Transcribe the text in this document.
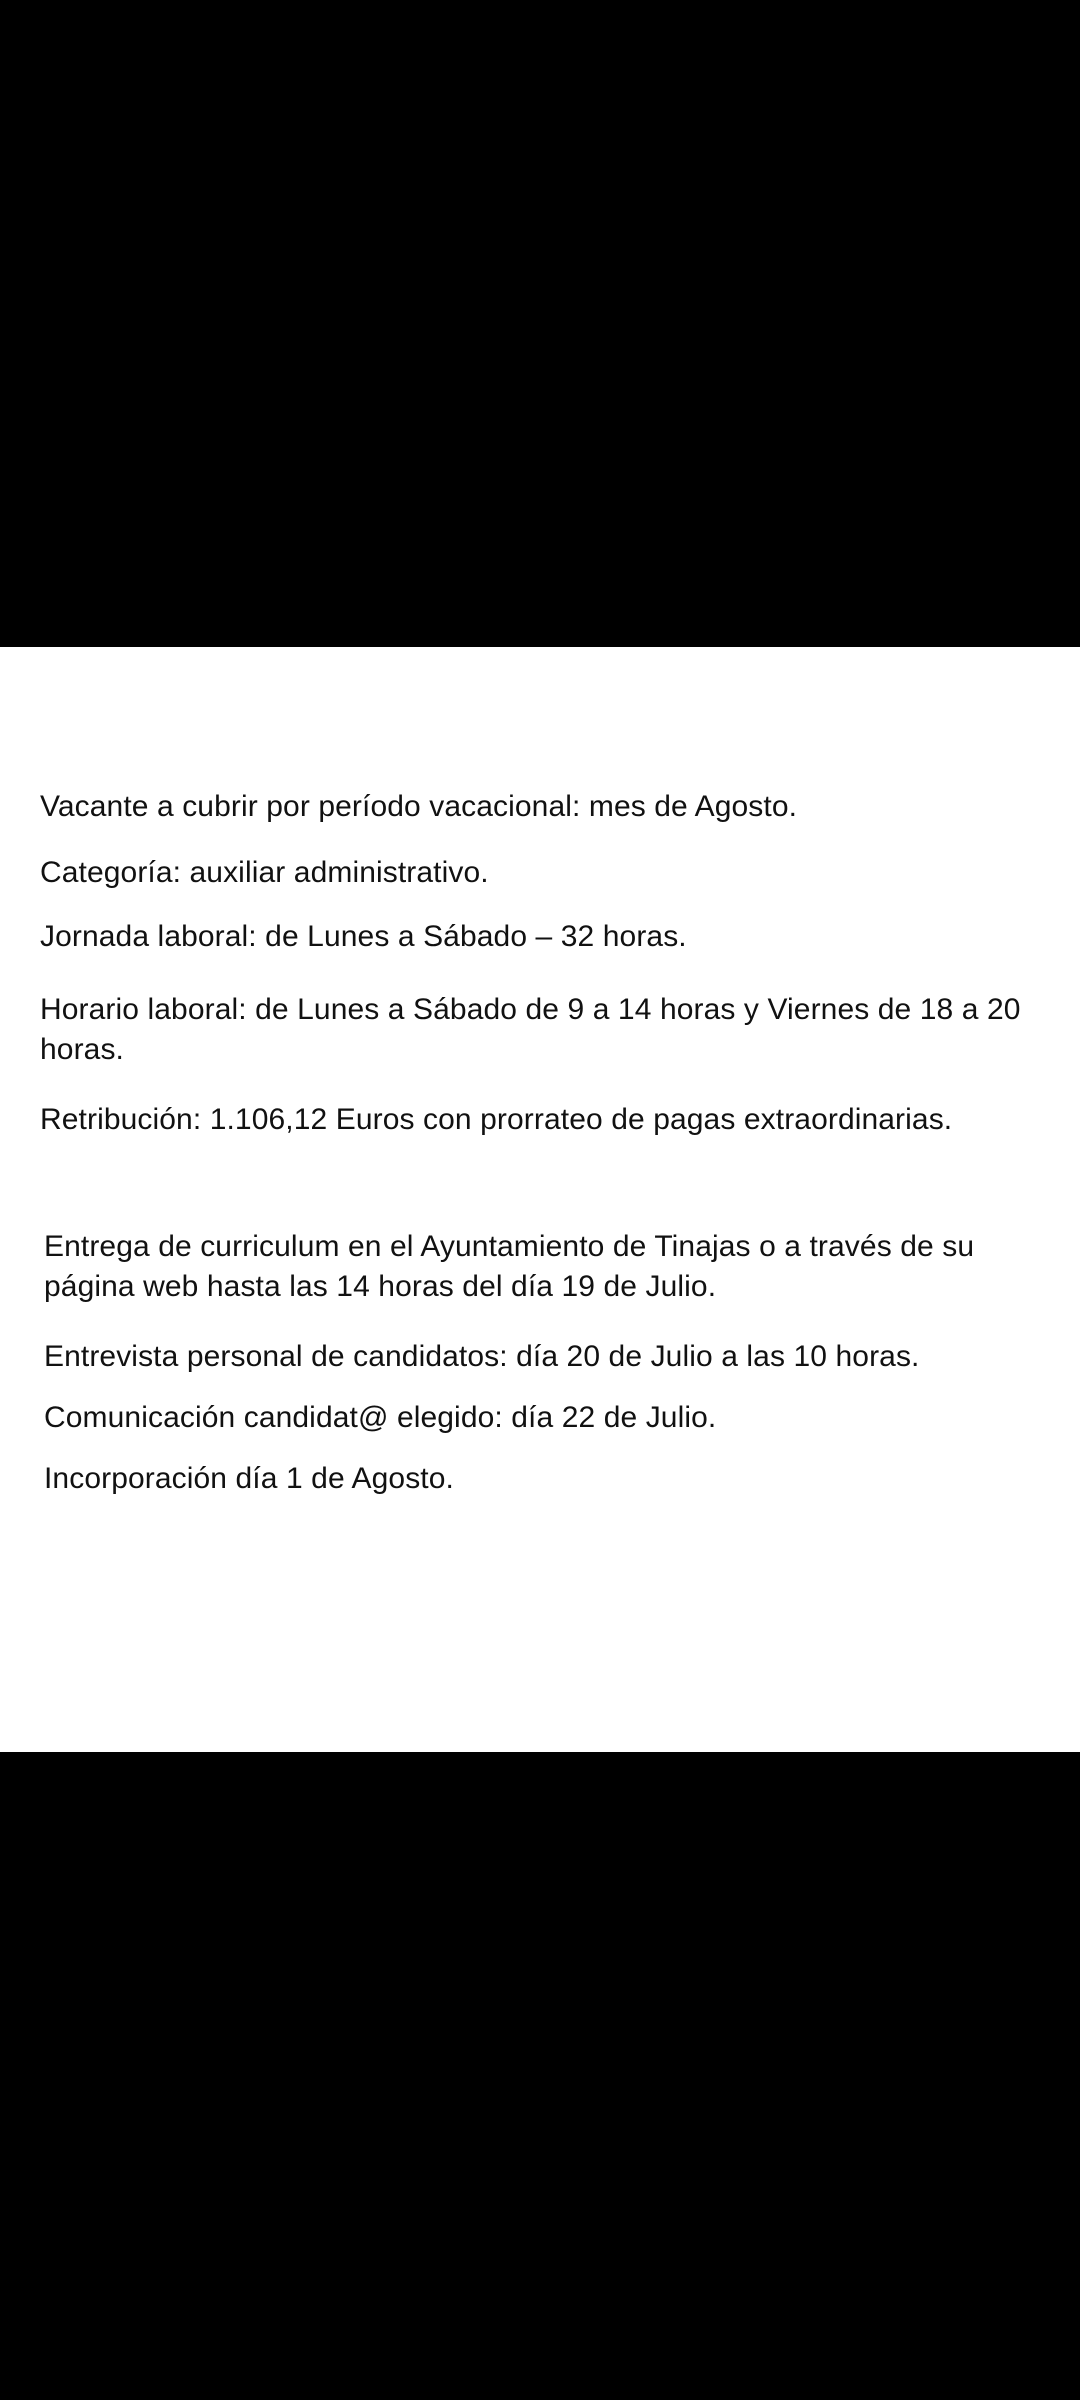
Vacante a cubrir por período vacacional: mes de Agosto.

Categoría: auxiliar administrativo.

Jornada laboral: de Lunes a Sábado – 32 horas.

Horario laboral: de Lunes a Sábado de 9 a 14 horas y Viernes de 18 a 20 horas.

Retribución: 1.106,12 Euros con prorrateo de pagas extraordinarias.

Entrega de curriculum en el Ayuntamiento de Tinajas o a través de su página web hasta las 14 horas del día 19 de Julio.

Entrevista personal de candidatos: día 20 de Julio a las 10 horas.

Comunicación candidat@ elegido: día 22 de Julio.

Incorporación día 1 de Agosto.
